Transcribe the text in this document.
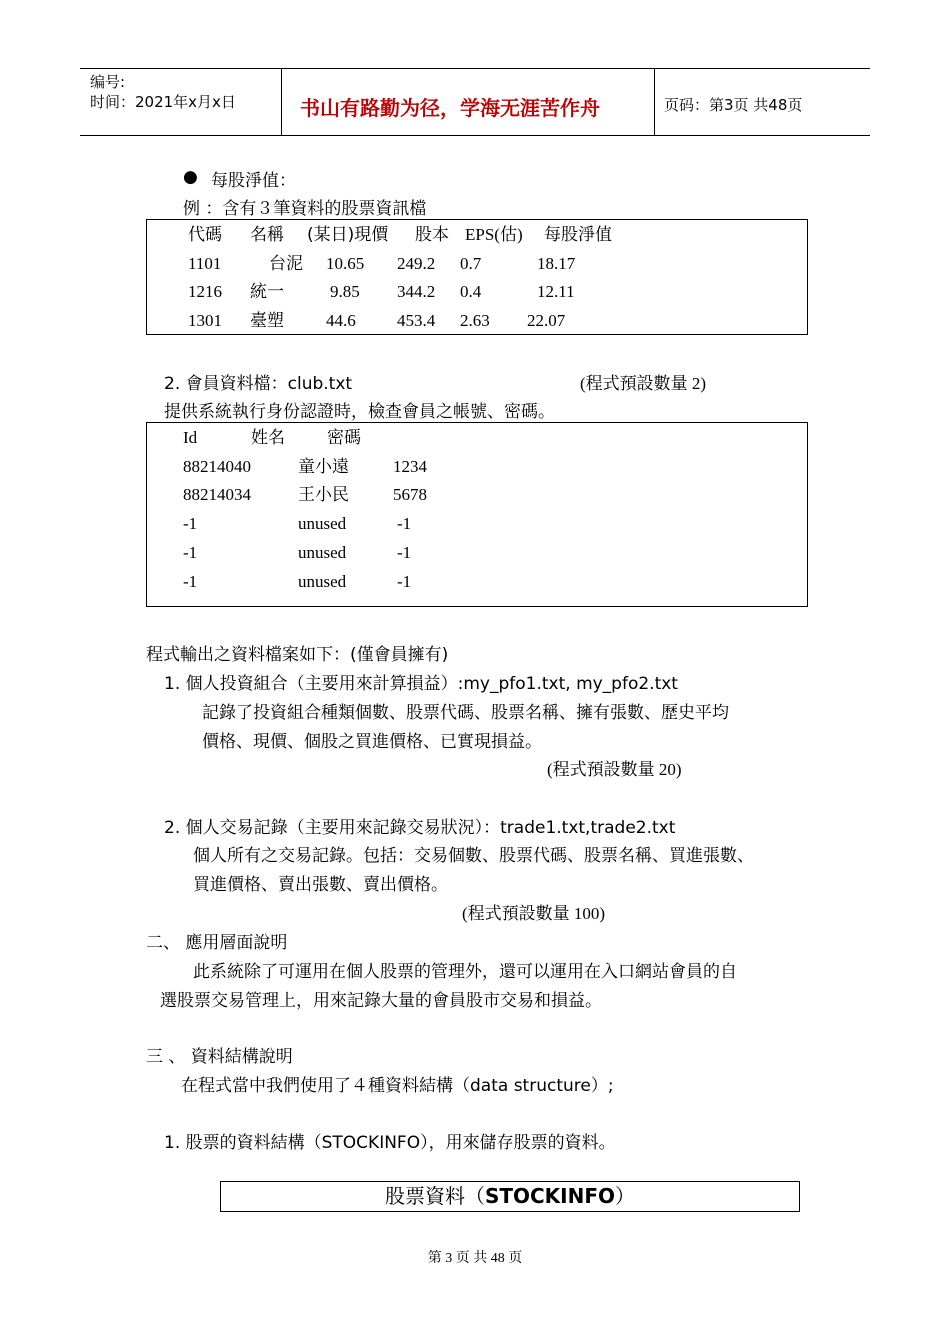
编号:
时间：2021年x月x日	书山有路勤为径，学海无涯苦作舟	页码：第3页 共48页
● 每股淨值：
例 ：含有３筆資料的股票資訊檔
代碼 名稱 (某日)現價 股本 EPS(估) 每股淨值
1101	台泥 10.65 249.2 0.7	18.17
1216 統一	9.85 344.2 0.4	12.11
1301 臺塑 44.6 453.4 2.63 22.07
2. 會員資料檔：club.txt	(程式預設數量 2)
提供系統執行身份認證時，檢查會員之帳號、密碼。
Id	姓名 密碼
88214040	童小遠	1234
88214034	王小民	5678
-1	unused	-1
-1	unused	-1
-1	unused	-1
程式輸出之資料檔案如下：(僅會員擁有)
1. 個人投資組合（主要用來計算損益）:my_pfo1.txt, my_pfo2.txt
記錄了投資組合種類個數、股票代碼、股票名稱、擁有張數、歷史平均
價格、現價、個股之買進價格、已實現損益。
(程式預設數量 20)
2. 個人交易記錄（主要用來記錄交易狀況）：trade1.txt,trade2.txt
個人所有之交易記錄。包括：交易個數、股票代碼、股票名稱、買進張數、
買進價格、賣出張數、賣出價格。
(程式預設數量 100)
二、 應用層面說明
此系統除了可運用在個人股票的管理外，還可以運用在入口網站會員的自
選股票交易管理上，用來記錄大量的會員股市交易和損益。
三 、 資料結構說明
在程式當中我們使用了４種資料結構（data structure）;
1. 股票的資料結構（STOCKINFO），用來儲存股票的資料。
股票資料（STOCKINFO）
第 3 页 共 48 页
